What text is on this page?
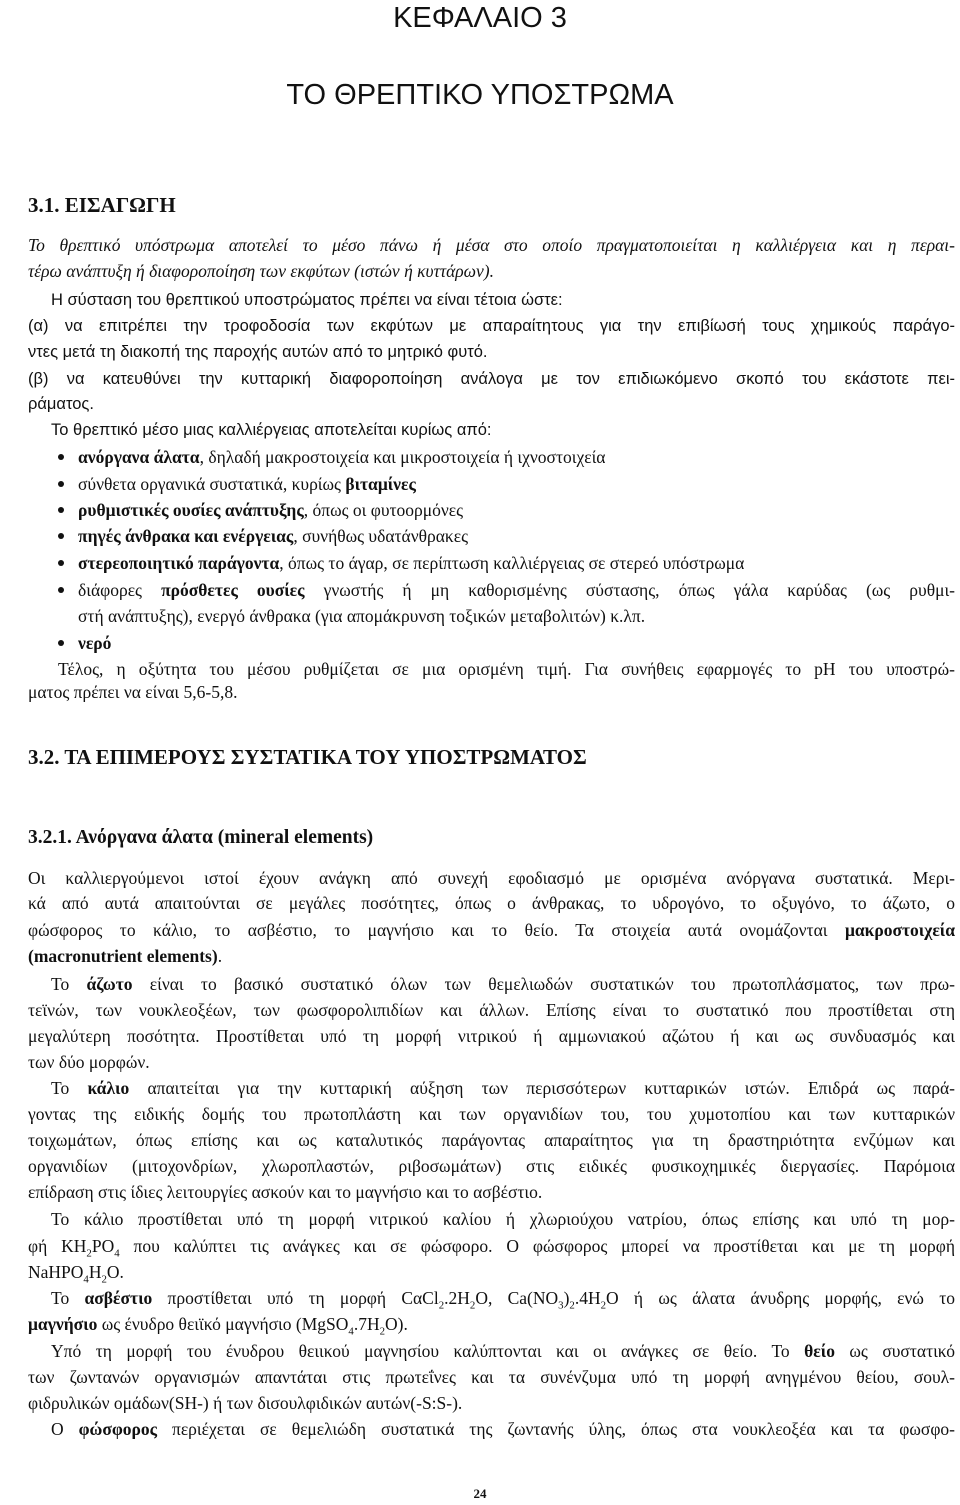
ΚΕΦΑΛΑΙΟ 3
ΤΟ ΘΡΕΠΤΙΚΟ ΥΠΟΣΤΡΩΜΑ
3.1. ΕΙΣΑΓΩΓΗ
Το θρεπτικό υπόστρωμα αποτελεί το μέσο πάνω ή μέσα στο οποίο πραγματοποιείται η καλλιέργεια και η περαι-
τέρω ανάπτυξη ή διαφοροποίηση των εκφύτων (ιστών ή κυττάρων).
Η σύσταση του θρεπτικού υποστρώματος πρέπει να είναι τέτοια ώστε:
(α) να επιτρέπει την τροφοδοσία των εκφύτων με απαραίτητους για την επιβίωσή τους χημικούς παράγο-
ντες μετά τη διακοπή της παροχής αυτών από το μητρικό φυτό.
(β) να κατευθύνει την κυτταρική διαφοροποίηση ανάλογα με τον επιδιωκόμενο σκοπό του εκάστοτε πει-
ράματος.
Το θρεπτικό μέσο μιας καλλιέργειας αποτελείται κυρίως από:
ανόργανα άλατα, δηλαδή μακροστοιχεία και μικροστοιχεία ή ιχνοστοιχεία
σύνθετα οργανικά συστατικά, κυρίως βιταμίνες
ρυθμιστικές ουσίες ανάπτυξης, όπως οι φυτοορμόνες
πηγές άνθρακα και ενέργειας, συνήθως υδατάνθρακες
στερεοποιητικό παράγοντα, όπως το άγαρ, σε περίπτωση καλλιέργειας σε στερεό υπόστρωμα
διάφορες πρόσθετες ουσίες γνωστής ή μη καθορισμένης σύστασης, όπως γάλα καρύδας (ως ρυθμι-
στή ανάπτυξης), ενεργό άνθρακα (για απομάκρυνση τοξικών μεταβολιτών) κ.λπ.
νερό
Τέλος, η οξύτητα του μέσου ρυθμίζεται σε μια ορισμένη τιμή. Για συνήθεις εφαρμογές το pH του υποστρώ-
ματος πρέπει να είναι 5,6-5,8.
3.2. ΤΑ ΕΠΙΜΕΡΟΥΣ ΣΥΣΤΑΤΙΚΑ ΤΟΥ ΥΠΟΣΤΡΩΜΑΤΟΣ
3.2.1. Ανόργανα άλατα (mineral elements)
Οι καλλιεργούμενοι ιστοί έχουν ανάγκη από συνεχή εφοδιασμό με ορισμένα ανόργανα συστατικά. Μερι-
κά από αυτά απαιτούνται σε μεγάλες ποσότητες, όπως ο άνθρακας, το υδρογόνο, το οξυγόνο, το άζωτο, ο
φώσφορος το κάλιο, το ασβέστιο, το μαγνήσιο και το θείο. Τα στοιχεία αυτά ονομάζονται μακροστοιχεία
(macronutrient elements).
Το άζωτο είναι το βασικό συστατικό όλων των θεμελιωδών συστατικών του πρωτοπλάσματος, των πρω-
τεϊνών, των νουκλεοξέων, των φωσφορολιπιδίων και άλλων. Επίσης είναι το συστατικό που προστίθεται στη
μεγαλύτερη ποσότητα. Προστίθεται υπό τη μορφή νιτρικού ή αμμωνιακού αζώτου ή και ως συνδυασμός και
των δύο μορφών.
Το κάλιο απαιτείται για την κυτταρική αύξηση των περισσότερων κυτταρικών ιστών. Επιδρά ως παρά-
γοντας της ειδικής δομής του πρωτοπλάστη και των οργανιδίων του, του χυμοτοπίου και των κυτταρικών
τοιχωμάτων, όπως επίσης και ως καταλυτικός παράγοντας απαραίτητος για τη δραστηριότητα ενζύμων και
οργανιδίων (μιτοχονδρίων, χλωροπλαστών, ριβοσωμάτων) στις ειδικές φυσικοχημικές διεργασίες. Παρόμοια
επίδραση στις ίδιες λειτουργίες ασκούν και το μαγνήσιο και το ασβέστιο.
Το κάλιο προστίθεται υπό τη μορφή νιτρικού καλίου ή χλωριούχου νατρίου, όπως επίσης και υπό τη μορ-
φή $KH_2PO_4$ που καλύπτει τις ανάγκες και σε φώσφορο. Ο φώσφορος μπορεί να προστίθεται και με τη μορφή
$NaHPO_4H_2O$.
Το ασβέστιο προστίθεται υπό τη μορφή $C\alpha Cl_2.2H_2O$, $Ca(NO_3)_2.4H_2O$ ή ως άλατα άνυδρης μορφής, ενώ το
μαγνήσιο ως ένυδρο θειϊκό μαγνήσιο $(MgSO_4.7H_2O)$.
Υπό τη μορφή του ένυδρου θειικού μαγνησίου καλύπτονται και οι ανάγκες σε θείο. Το θείο ως συστατικό
των ζωντανών οργανισμών απαντάται στις πρωτεΐνες και τα συνένζυμα υπό τη μορφή ανηγμένου θείου, σουλ-
φιδρυλικών ομάδων(SH-) ή των δισουλφιδικών αυτών(-S:S-).
Ο φώσφορος περιέχεται σε θεμελιώδη συστατικά της ζωντανής ύλης, όπως στα νουκλεοξέα και τα φωσφο-
24
